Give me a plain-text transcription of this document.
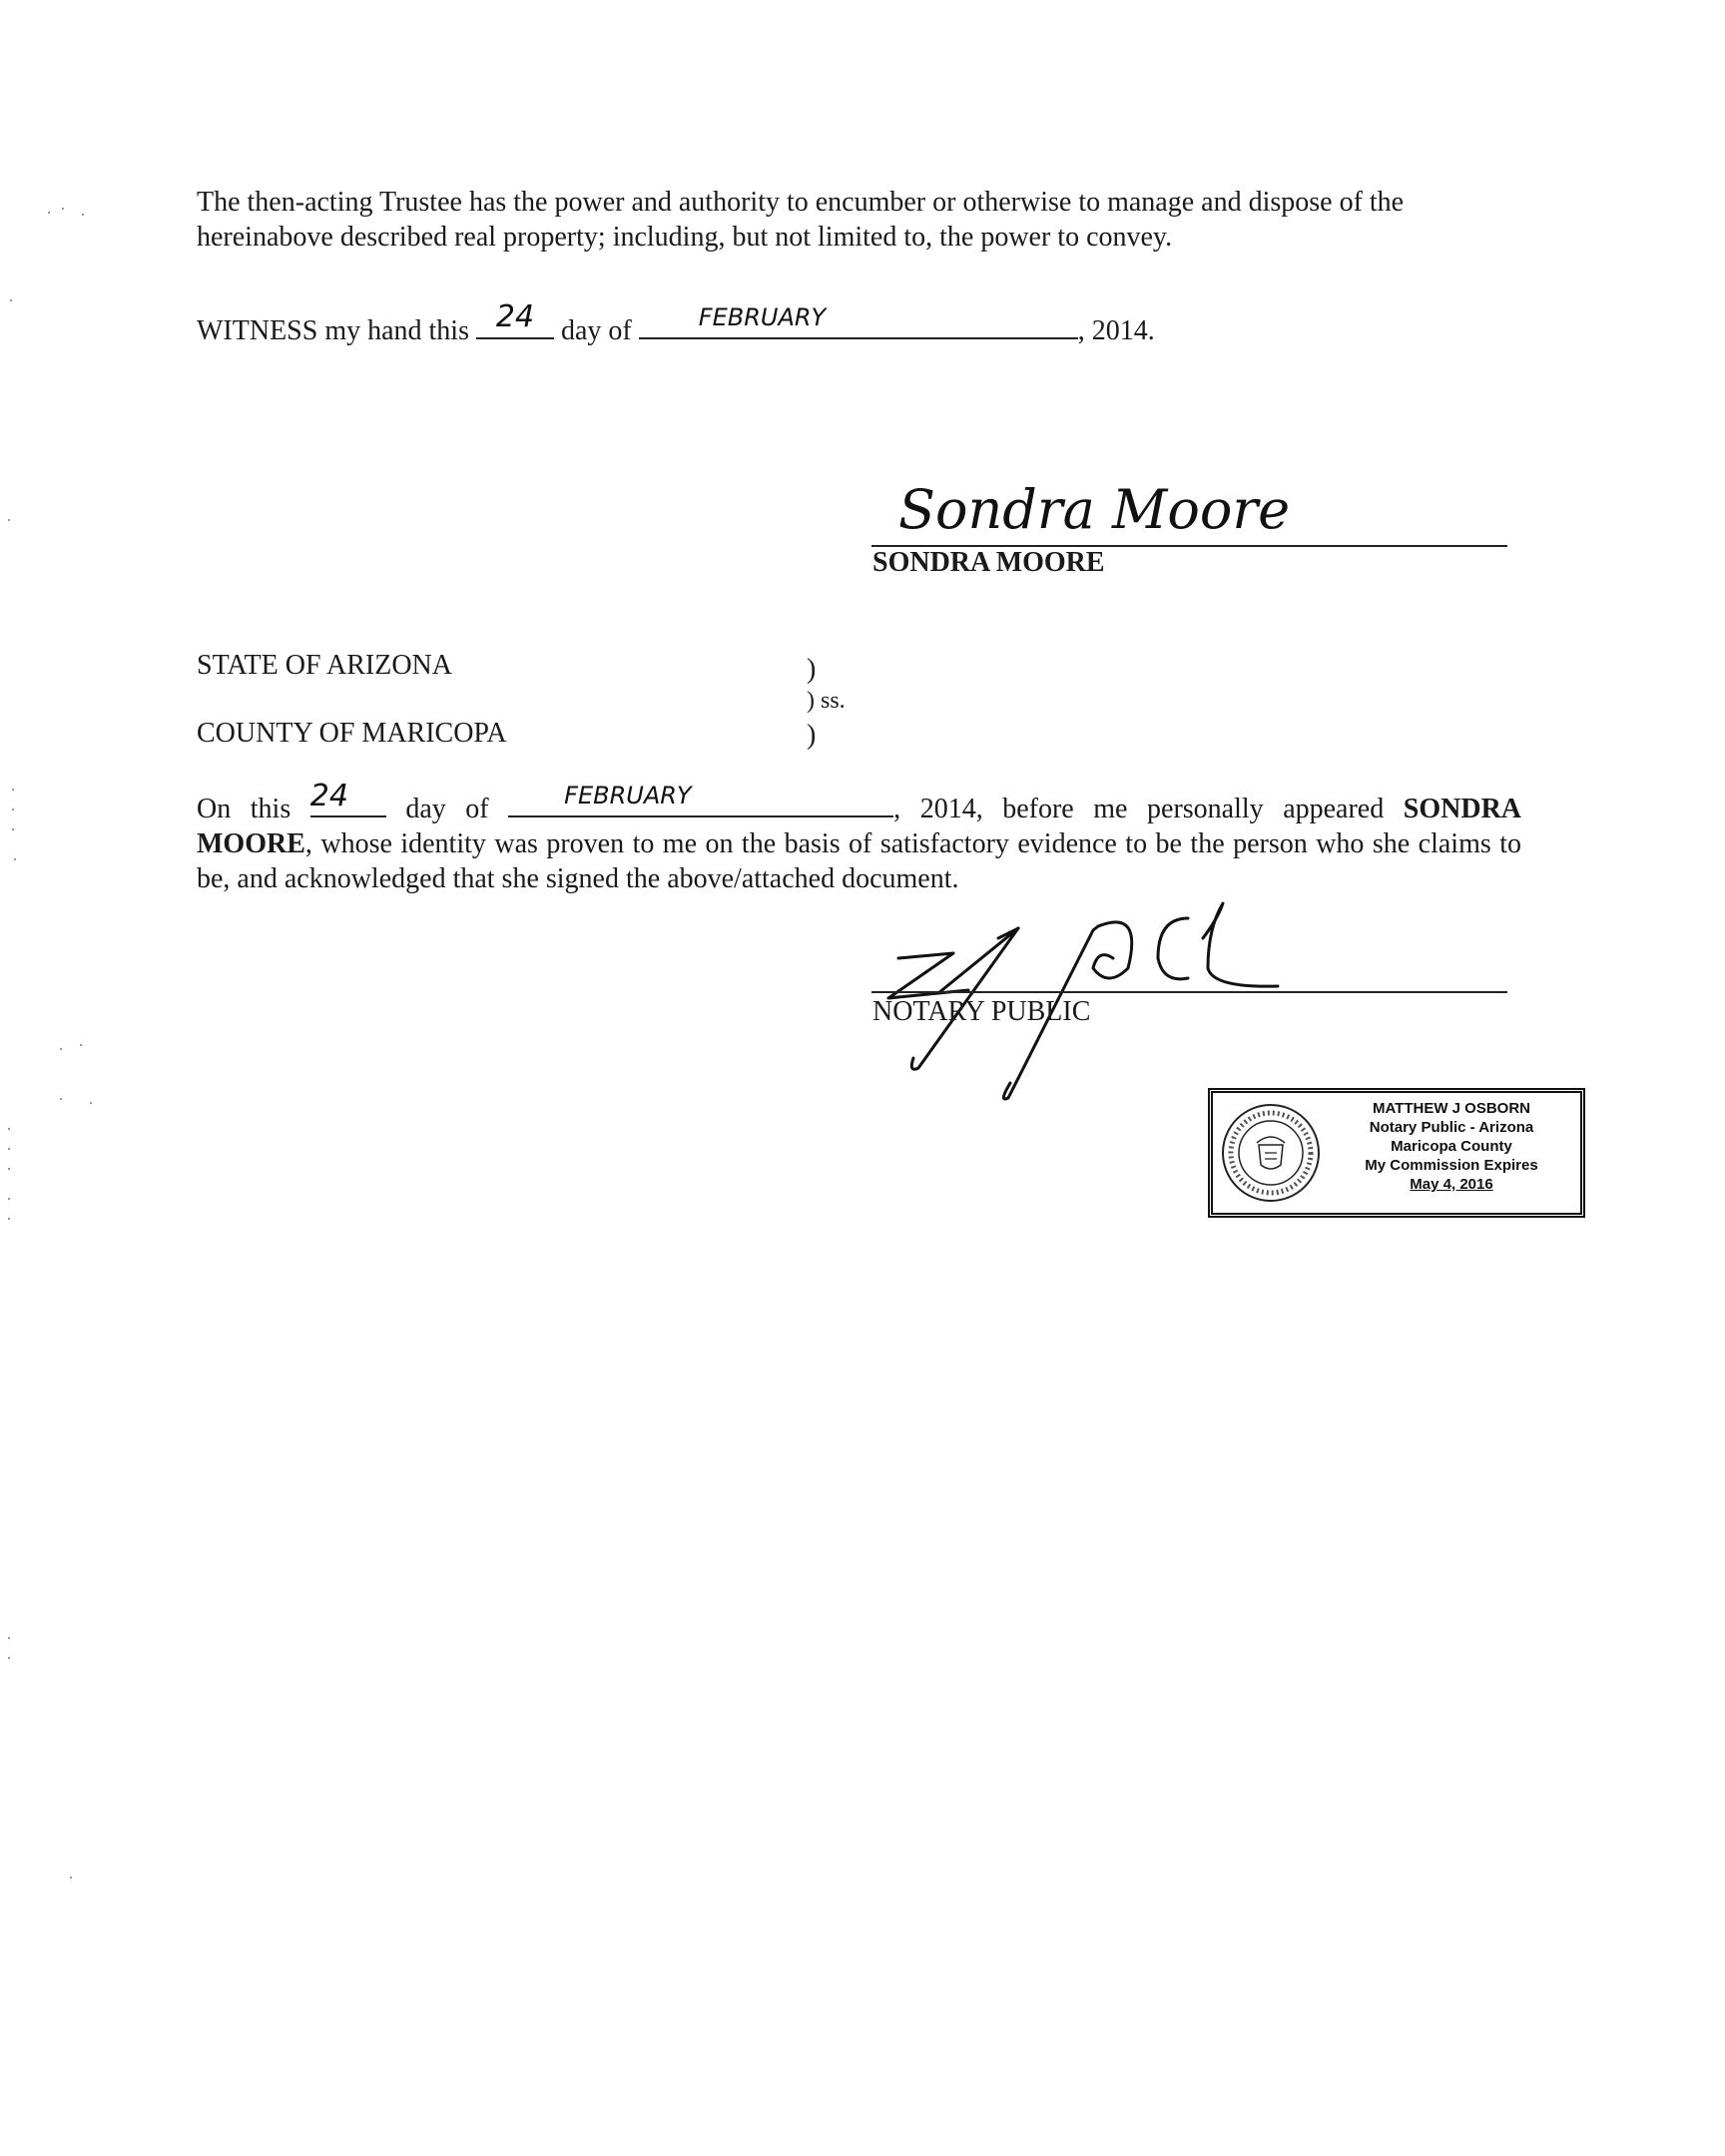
The then-acting Trustee has the power and authority to encumber or otherwise to manage and dispose of the hereinabove described real property; including, but not limited to, the power to convey.

WITNESS my hand this 24 day of	FEBRUARY	, 2014.
Sondra Moore
SONDRA MOORE
STATE OF ARIZONA	)
) ss.
COUNTY OF MARICOPA	)
On this 24	day of	FEBRUARY	, 2014, before me personally appeared SONDRA
MOORE, whose identity was proven to me on the basis of satisfactory evidence to be the person who she claims to be, and acknowledged that she signed the above/attached document.
NOTARY PUBLIC
MATTHEW J OSBORN
Notary Public - Arizona
Maricopa County
My Commission Expires
May 4, 2016
